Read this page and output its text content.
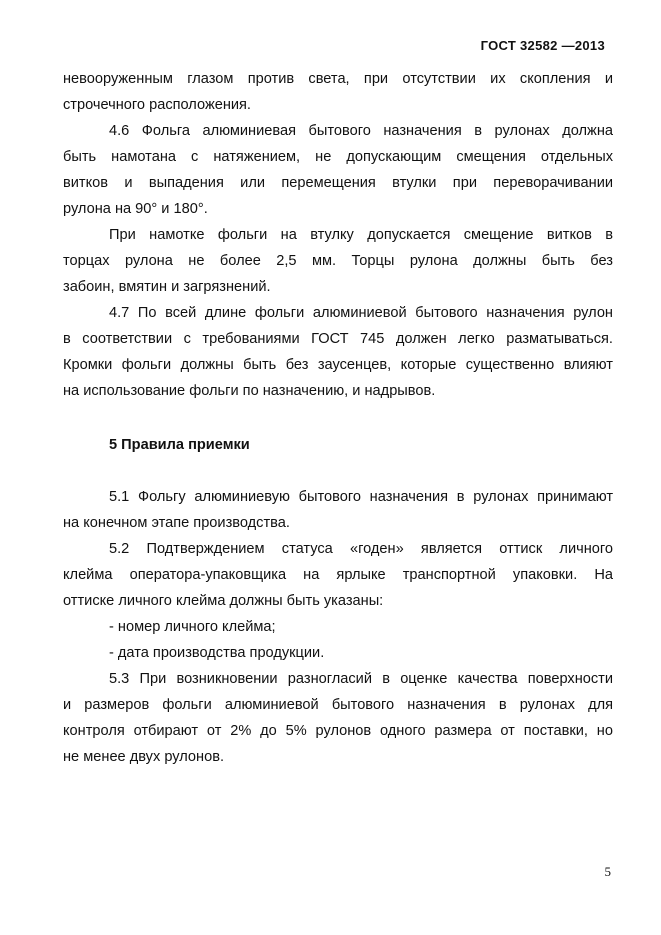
ГОСТ 32582 —2013
невооруженным глазом против света, при отсутствии их скопления и
строчечного расположения.
4.6 Фольга алюминиевая бытового назначения в рулонах должна
быть намотана с натяжением, не допускающим смещения отдельных
витков и выпадения или перемещения втулки при переворачивании
рулона на 90° и 180°.
При намотке фольги на втулку допускается смещение витков в
торцах рулона не более 2,5 мм. Торцы рулона должны быть без
забоин, вмятин и загрязнений.
4.7 По всей длине фольги алюминиевой бытового назначения рулон
в соответствии с требованиями ГОСТ 745 должен легко разматываться.
Кромки фольги должны быть без заусенцев, которые существенно влияют
на использование фольги по назначению, и надрывов.
5 Правила приемки
5.1 Фольгу алюминиевую бытового назначения в рулонах принимают
на конечном этапе производства.
5.2 Подтверждением статуса «годен» является оттиск личного
клейма оператора-упаковщика на ярлыке транспортной упаковки. На
оттиске личного клейма должны быть указаны:
- номер личного клейма;
- дата производства продукции.
5.3 При возникновении разногласий в оценке качества поверхности
и размеров фольги алюминиевой бытового назначения в рулонах для
контроля отбирают от 2% до 5% рулонов одного размера от поставки, но
не менее двух рулонов.
5
